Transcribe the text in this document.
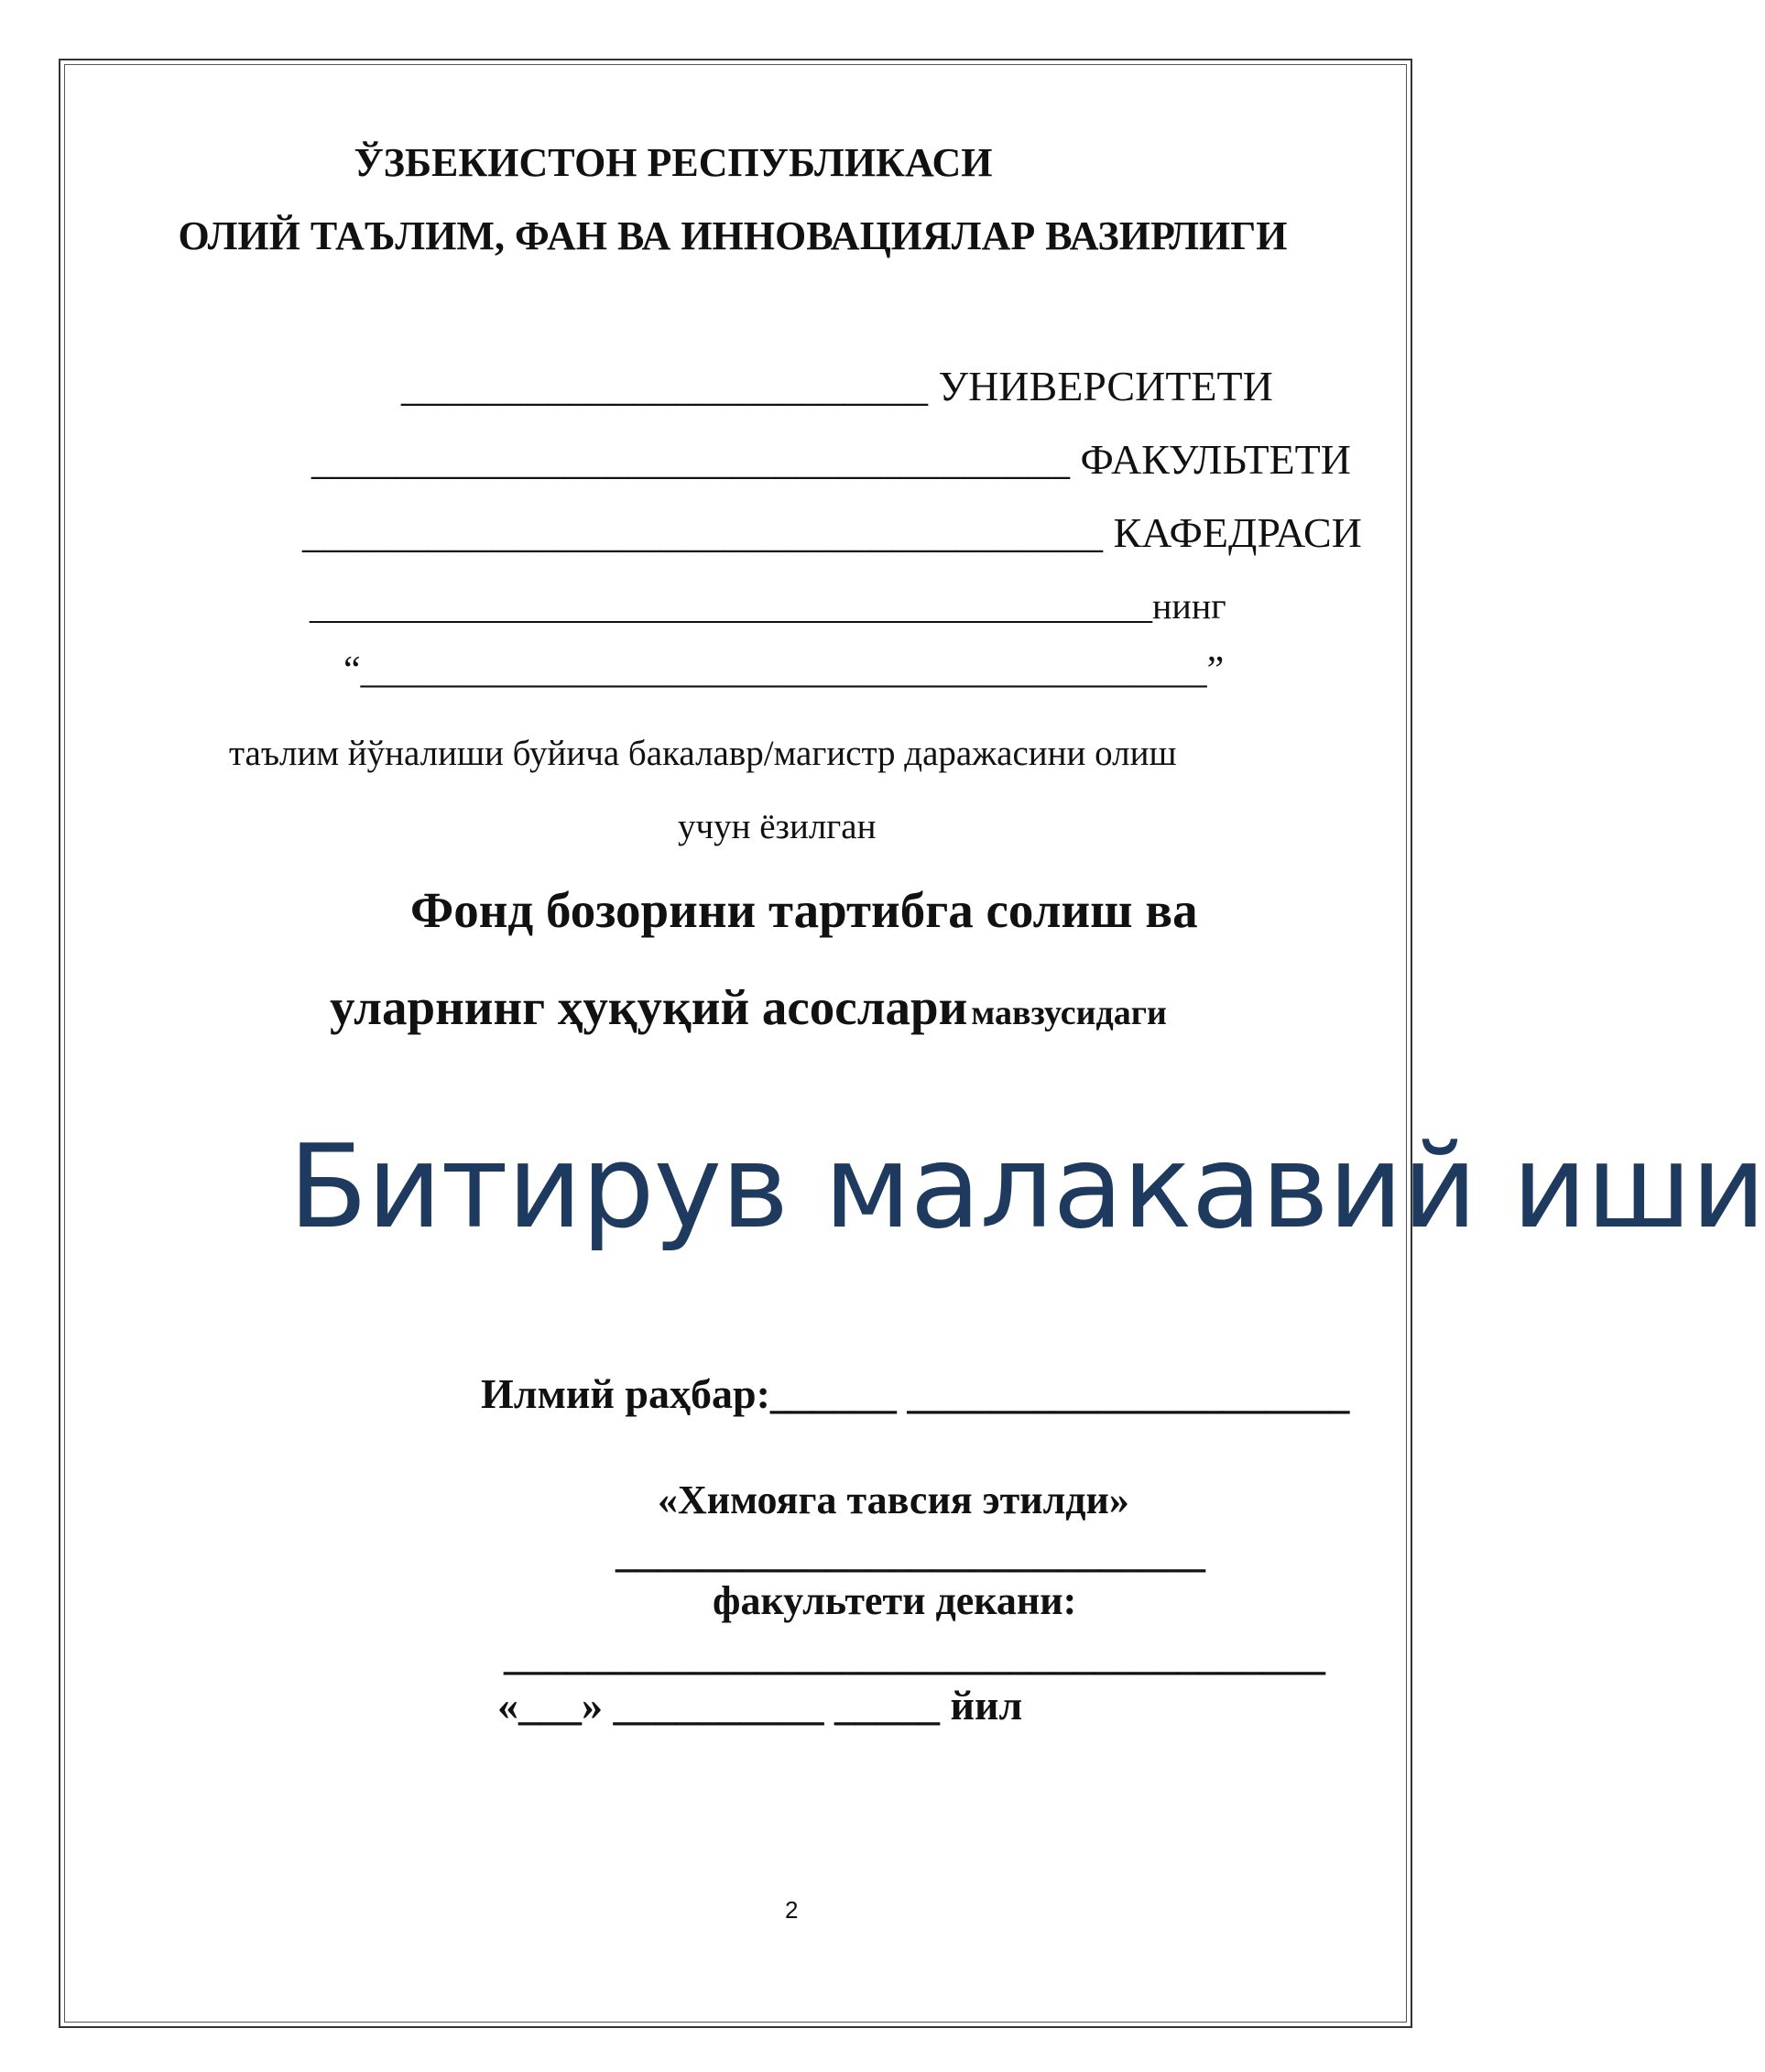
ЎЗБЕКИСТОН РЕСПУБЛИКАСИ
ОЛИЙ ТАЪЛИМ, ФАН ВА ИННОВАЦИЯЛАР ВАЗИРЛИГИ
_________________________ УНИВЕРСИТЕТИ
____________________________________ ФАКУЛЬТЕТИ
______________________________________ КАФЕДРАСИ
______________________________________________нинг
“____________________________________________”
таълим йўналиши буйича бакалавр/магистр даражасини олиш
учун ёзилган
Фонд бозорини тартибга солиш ва
уларнинг ҳуқуқий асослари мавзусидаги
Битирув малакавий иши
Илмий раҳбар:______ _____________________
«Химояга тавсия этилди»
____________________________
факультети декани:
_______________________________________
«___» __________ _____ йил
2
